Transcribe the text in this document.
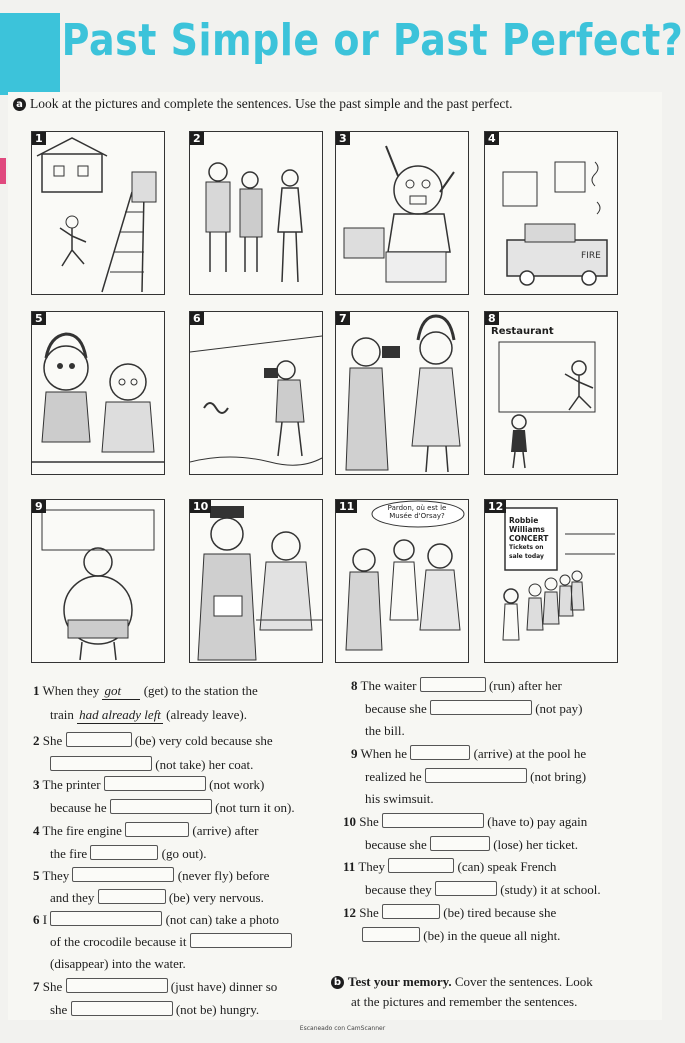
Past Simple or Past Perfect?
a Look at the pictures and complete the sentences. Use the past simple and the past perfect.
1	2	3	4
FIRE
5	6	7	8
Restaurant
9	10	11	Pardon, où est le
Musée d'Orsay?
12
Robbie
Williams
CONCERT
Tickets on
sale today
1 When they got (get) to the station the
train had already left (already leave).
2 She	(be) very cold because she
(not take) her coat.
3 The printer	(not work)
because he	(not turn it on).
4 The fire engine	(arrive) after
the fire	(go out).
5 They	(never fly) before
and they	(be) very nervous.
6 I	(not can) take a photo
of the crocodile because it
(disappear) into the water.
7 She	(just have) dinner so
she	(not be) hungry.
8 The waiter	(run) after her
because she	(not pay)
the bill.
9 When he	(arrive) at the pool he
realized he	(not bring)
his swimsuit.
10 She	(have to) pay again
because she	(lose) her ticket.
11 They	(can) speak French
because they	(study) it at school.
12 She	(be) tired because she
(be) in the queue all night.
b Test your memory. Cover the sentences. Look
at the pictures and remember the sentences.
Escaneado con CamScanner
